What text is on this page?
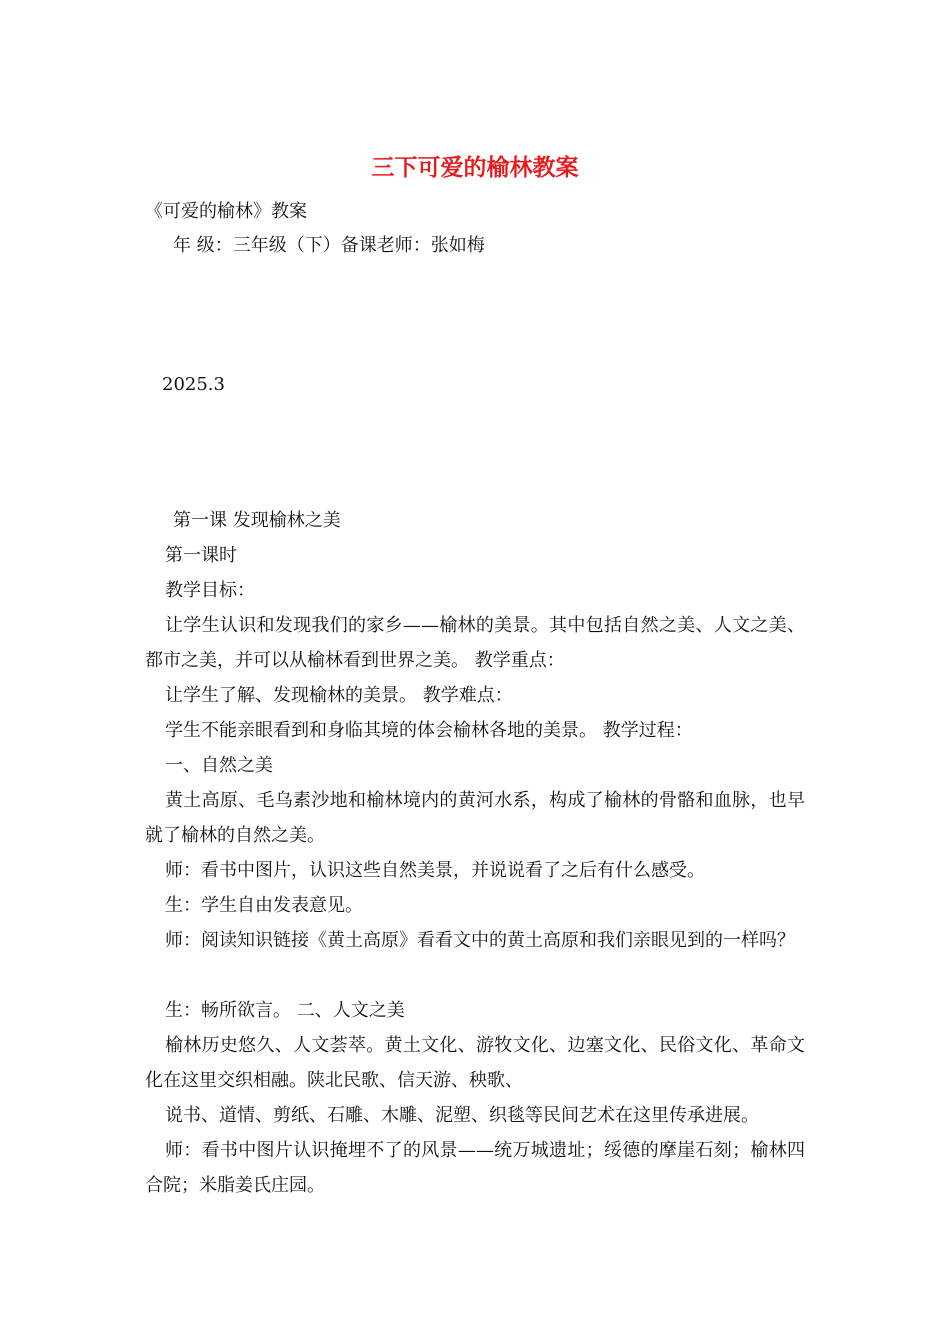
三下可爱的榆林教案

《可爱的榆林》教案

年 级：三年级（下）备课老师：张如梅

2025.3

第一课 发现榆林之美

第一课时

教学目标：

让学生认识和发现我们的家乡——榆林的美景。其中包括自然之美、人文之美、都市之美，并可以从榆林看到世界之美。 教学重点：

让学生了解、发现榆林的美景。 教学难点：

学生不能亲眼看到和身临其境的体会榆林各地的美景。 教学过程：

一、自然之美

黄土高原、毛乌素沙地和榆林境内的黄河水系，构成了榆林的骨骼和血脉，也早就了榆林的自然之美。

师：看书中图片，认识这些自然美景，并说说看了之后有什么感受。

生：学生自由发表意见。

师：阅读知识链接《黄土高原》看看文中的黄土高原和我们亲眼见到的一样吗？

生：畅所欲言。 二、人文之美

榆林历史悠久、人文荟萃。黄土文化、游牧文化、边塞文化、民俗文化、革命文化在这里交织相融。陕北民歌、信天游、秧歌、

说书、道情、剪纸、石雕、木雕、泥塑、织毯等民间艺术在这里传承进展。

师：看书中图片认识掩埋不了的风景——统万城遗址；绥德的摩崖石刻；榆林四合院；米脂姜氏庄园。
